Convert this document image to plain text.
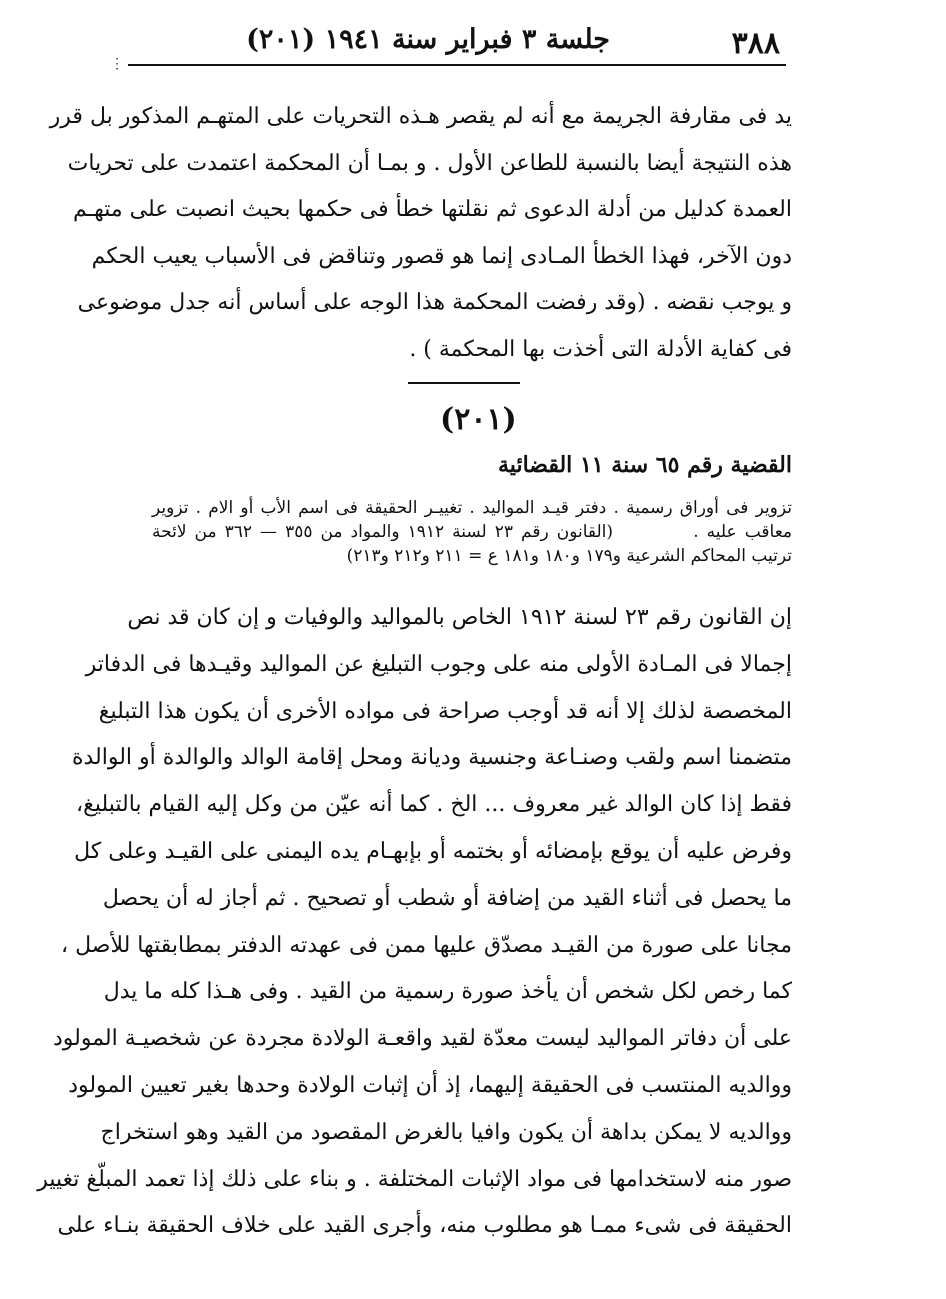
٣٨٨
جلسة ٣ فبراير سنة ١٩٤١ (٢٠١)
⋮
يد فى مقارفة الجريمة مع أنه لم يقصر هـذه التحريات على المتهـم المذكور بل قرر
هذه النتيجة أيضا بالنسبة للطاعن الأول . و بمـا أن المحكمة اعتمدت على تحريات
العمدة كدليل من أدلة الدعوى ثم نقلتها خطأ فى حكمها بحيث انصبت على متهـم
دون الآخر، فهذا الخطأ المـادى إنما هو قصور وتناقض فى الأسباب يعيب الحكم
و يوجب نقضه . (وقد رفضت المحكمة هذا الوجه على أساس أنه جدل موضوعى
فى كفاية الأدلة التى أخذت بها المحكمة ) .
(٢٠١)
القضية رقم ٦٥ سنة ١١ القضائية
تزوير فى أوراق رسمية . دفتر قيـد المواليد . تغييـر الحقيقة فى اسم الأب أو الام . تزوير
معاقب عليه .          (القانون رقم ٢٣ لسنة ١٩١٢ والمواد من ٣٥٥ — ٣٦٢ من لائحة
ترتيب المحاكم الشرعية و١٧٩ و١٨٠ و١٨١ ع = ٢١١ و٢١٢ و٢١٣)
إن القانون رقم ٢٣ لسنة ١٩١٢ الخاص بالمواليد والوفيات و إن كان قد نص
إجمالا فى المـادة الأولى منه على وجوب التبليغ عن المواليد وقيـدها فى الدفاتر
المخصصة لذلك إلا أنه قد أوجب صراحة فى مواده الأخرى أن يكون هذا التبليغ
متضمنا اسم ولقب وصنـاعة وجنسية وديانة ومحل إقامة الوالد والوالدة أو الوالدة
فقط إذا كان الوالد غير معروف ... الخ . كما أنه عيّن من وكل إليه القيام بالتبليغ،
وفرض عليه أن يوقع بإمضائه أو بختمه أو بإبهـام يده اليمنى على القيـد وعلى كل
ما يحصل فى أثناء القيد من إضافة أو شطب أو تصحيح . ثم أجاز له أن يحصل
مجانا على صورة من القيـد مصدّق عليها ممن فى عهدته الدفتر بمطابقتها للأصل ،
كما رخص لكل شخص أن يأخذ صورة رسمية من القيد . وفى هـذا كله ما يدل
على أن دفاتر المواليد ليست معدّة لقيد واقعـة الولادة مجردة عن شخصيـة المولود
ووالديه المنتسب فى الحقيقة إليهما، إذ أن إثبات الولادة وحدها بغير تعيين المولود
ووالديه لا يمكن بداهة أن يكون وافيا بالغرض المقصود من القيد وهو استخراج
صور منه لاستخدامها فى مواد الإثبات المختلفة . و بناء على ذلك إذا تعمد المبلّغ تغيير
الحقيقة فى شىء ممـا هو مطلوب منه، وأجرى القيد على خلاف الحقيقة بنـاء على
